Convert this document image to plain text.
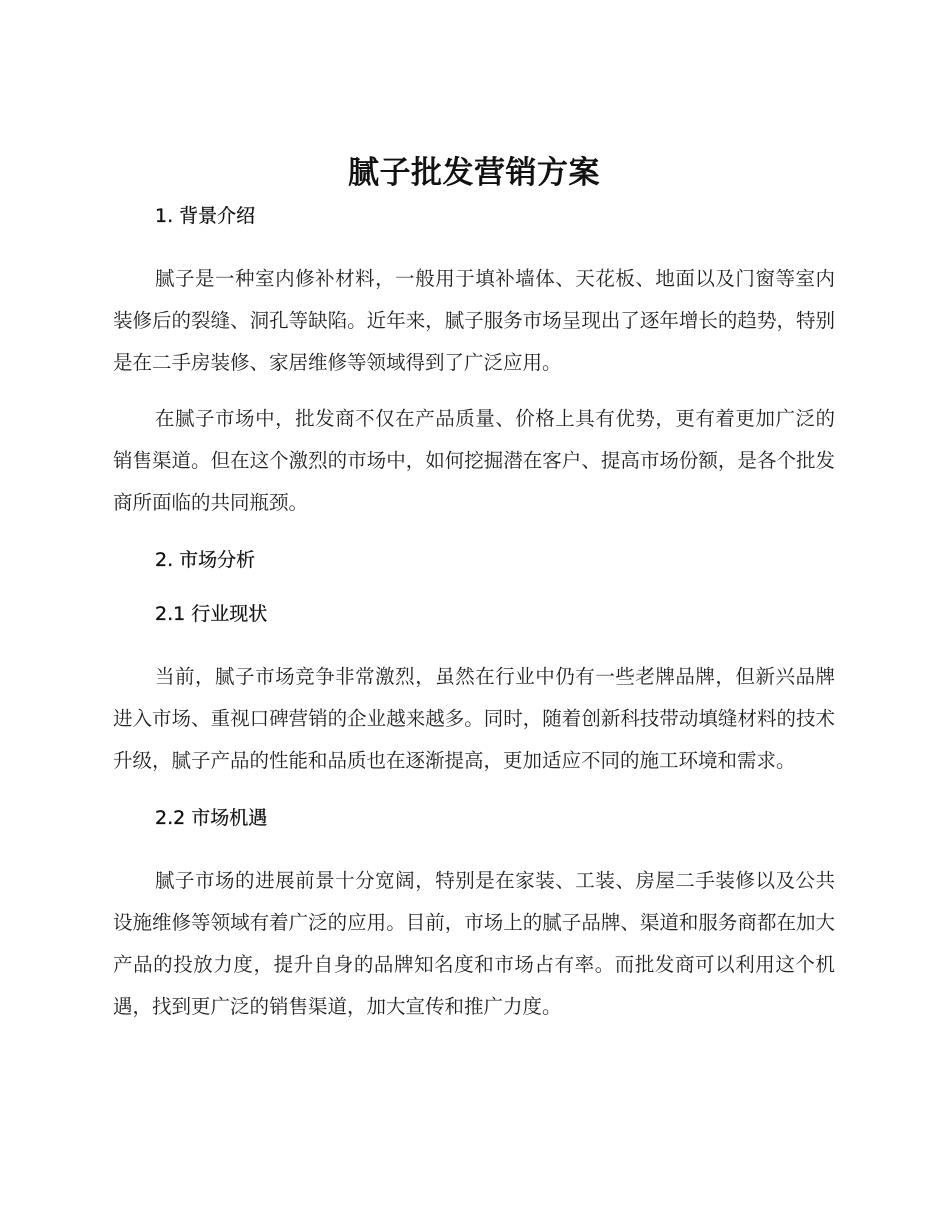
腻子批发营销方案
1. 背景介绍

腻子是一种室内修补材料，一般用于填补墙体、天花板、地面以及门窗等室内装修后的裂缝、洞孔等缺陷。近年来，腻子服务市场呈现出了逐年增长的趋势，特别是在二手房装修、家居维修等领域得到了广泛应用。

在腻子市场中，批发商不仅在产品质量、价格上具有优势，更有着更加广泛的销售渠道。但在这个激烈的市场中，如何挖掘潜在客户、提高市场份额，是各个批发商所面临的共同瓶颈。

2. 市场分析
2.1 行业现状

当前，腻子市场竞争非常激烈，虽然在行业中仍有一些老牌品牌，但新兴品牌进入市场、重视口碑营销的企业越来越多。同时，随着创新科技带动填缝材料的技术升级，腻子产品的性能和品质也在逐渐提高，更加适应不同的施工环境和需求。

2.2 市场机遇

腻子市场的进展前景十分宽阔，特别是在家装、工装、房屋二手装修以及公共设施维修等领域有着广泛的应用。目前，市场上的腻子品牌、渠道和服务商都在加大产品的投放力度，提升自身的品牌知名度和市场占有率。而批发商可以利用这个机遇，找到更广泛的销售渠道，加大宣传和推广力度。
